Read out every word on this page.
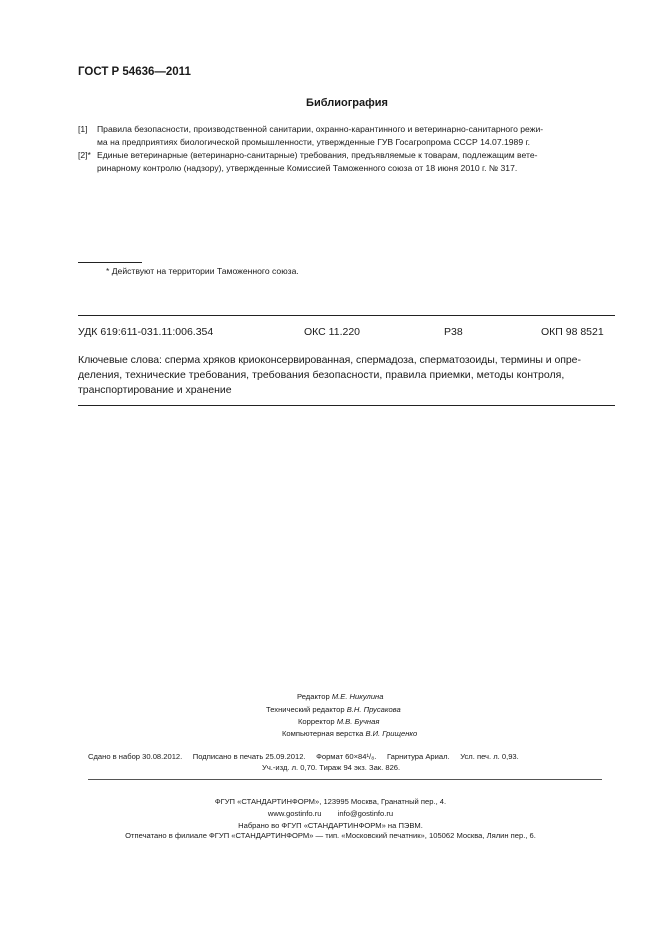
ГОСТ Р 54636—2011
Библиография
[1] Правила безопасности, производственной санитарии, охранно-карантинного и ветеринарно-санитарного режи-
ма на предприятиях биологической промышленности, утвержденные ГУВ Госагропрома СССР 14.07.1989 г.
[2]* Единые ветеринарные (ветеринарно-санитарные) требования, предъявляемые к товарам, подлежащим вете-
ринарному контролю (надзору), утвержденные Комиссией Таможенного союза от 18 июня 2010 г. № 317.
* Действуют на территории Таможенного союза.
УДК 619:611-031.11:006.354	ОКС 11.220	Р38	ОКП 98 8521
Ключевые слова: сперма хряков криоконсервированная, спермадоза, сперматозоиды, термины и опре-
деления, технические требования, требования безопасности, правила приемки, методы контроля,
транспортирование и хранение
Редактор М.Е. Никулина
Технический редактор В.Н. Прусакова
Корректор М.В. Бучная
Компьютерная верстка В.И. Грищенко
Сдано в набор 30.08.2012.     Подписано в печать 25.09.2012.     Формат 60×84¹/₈.     Гарнитура Ариал.     Усл. печ. л. 0,93.
Уч.-изд. л. 0,70. Тираж 94 экз. Зак. 826.
ФГУП «СТАНДАРТИНФОРМ», 123995 Москва, Гранатный пер., 4.
www.gostinfo.ru info@gostinfo.ru
Набрано во ФГУП «СТАНДАРТИНФОРМ» на ПЭВМ.
Отпечатано в филиале ФГУП «СТАНДАРТИНФОРМ» — тип. «Московский печатник», 105062 Москва, Лялин пер., 6.
